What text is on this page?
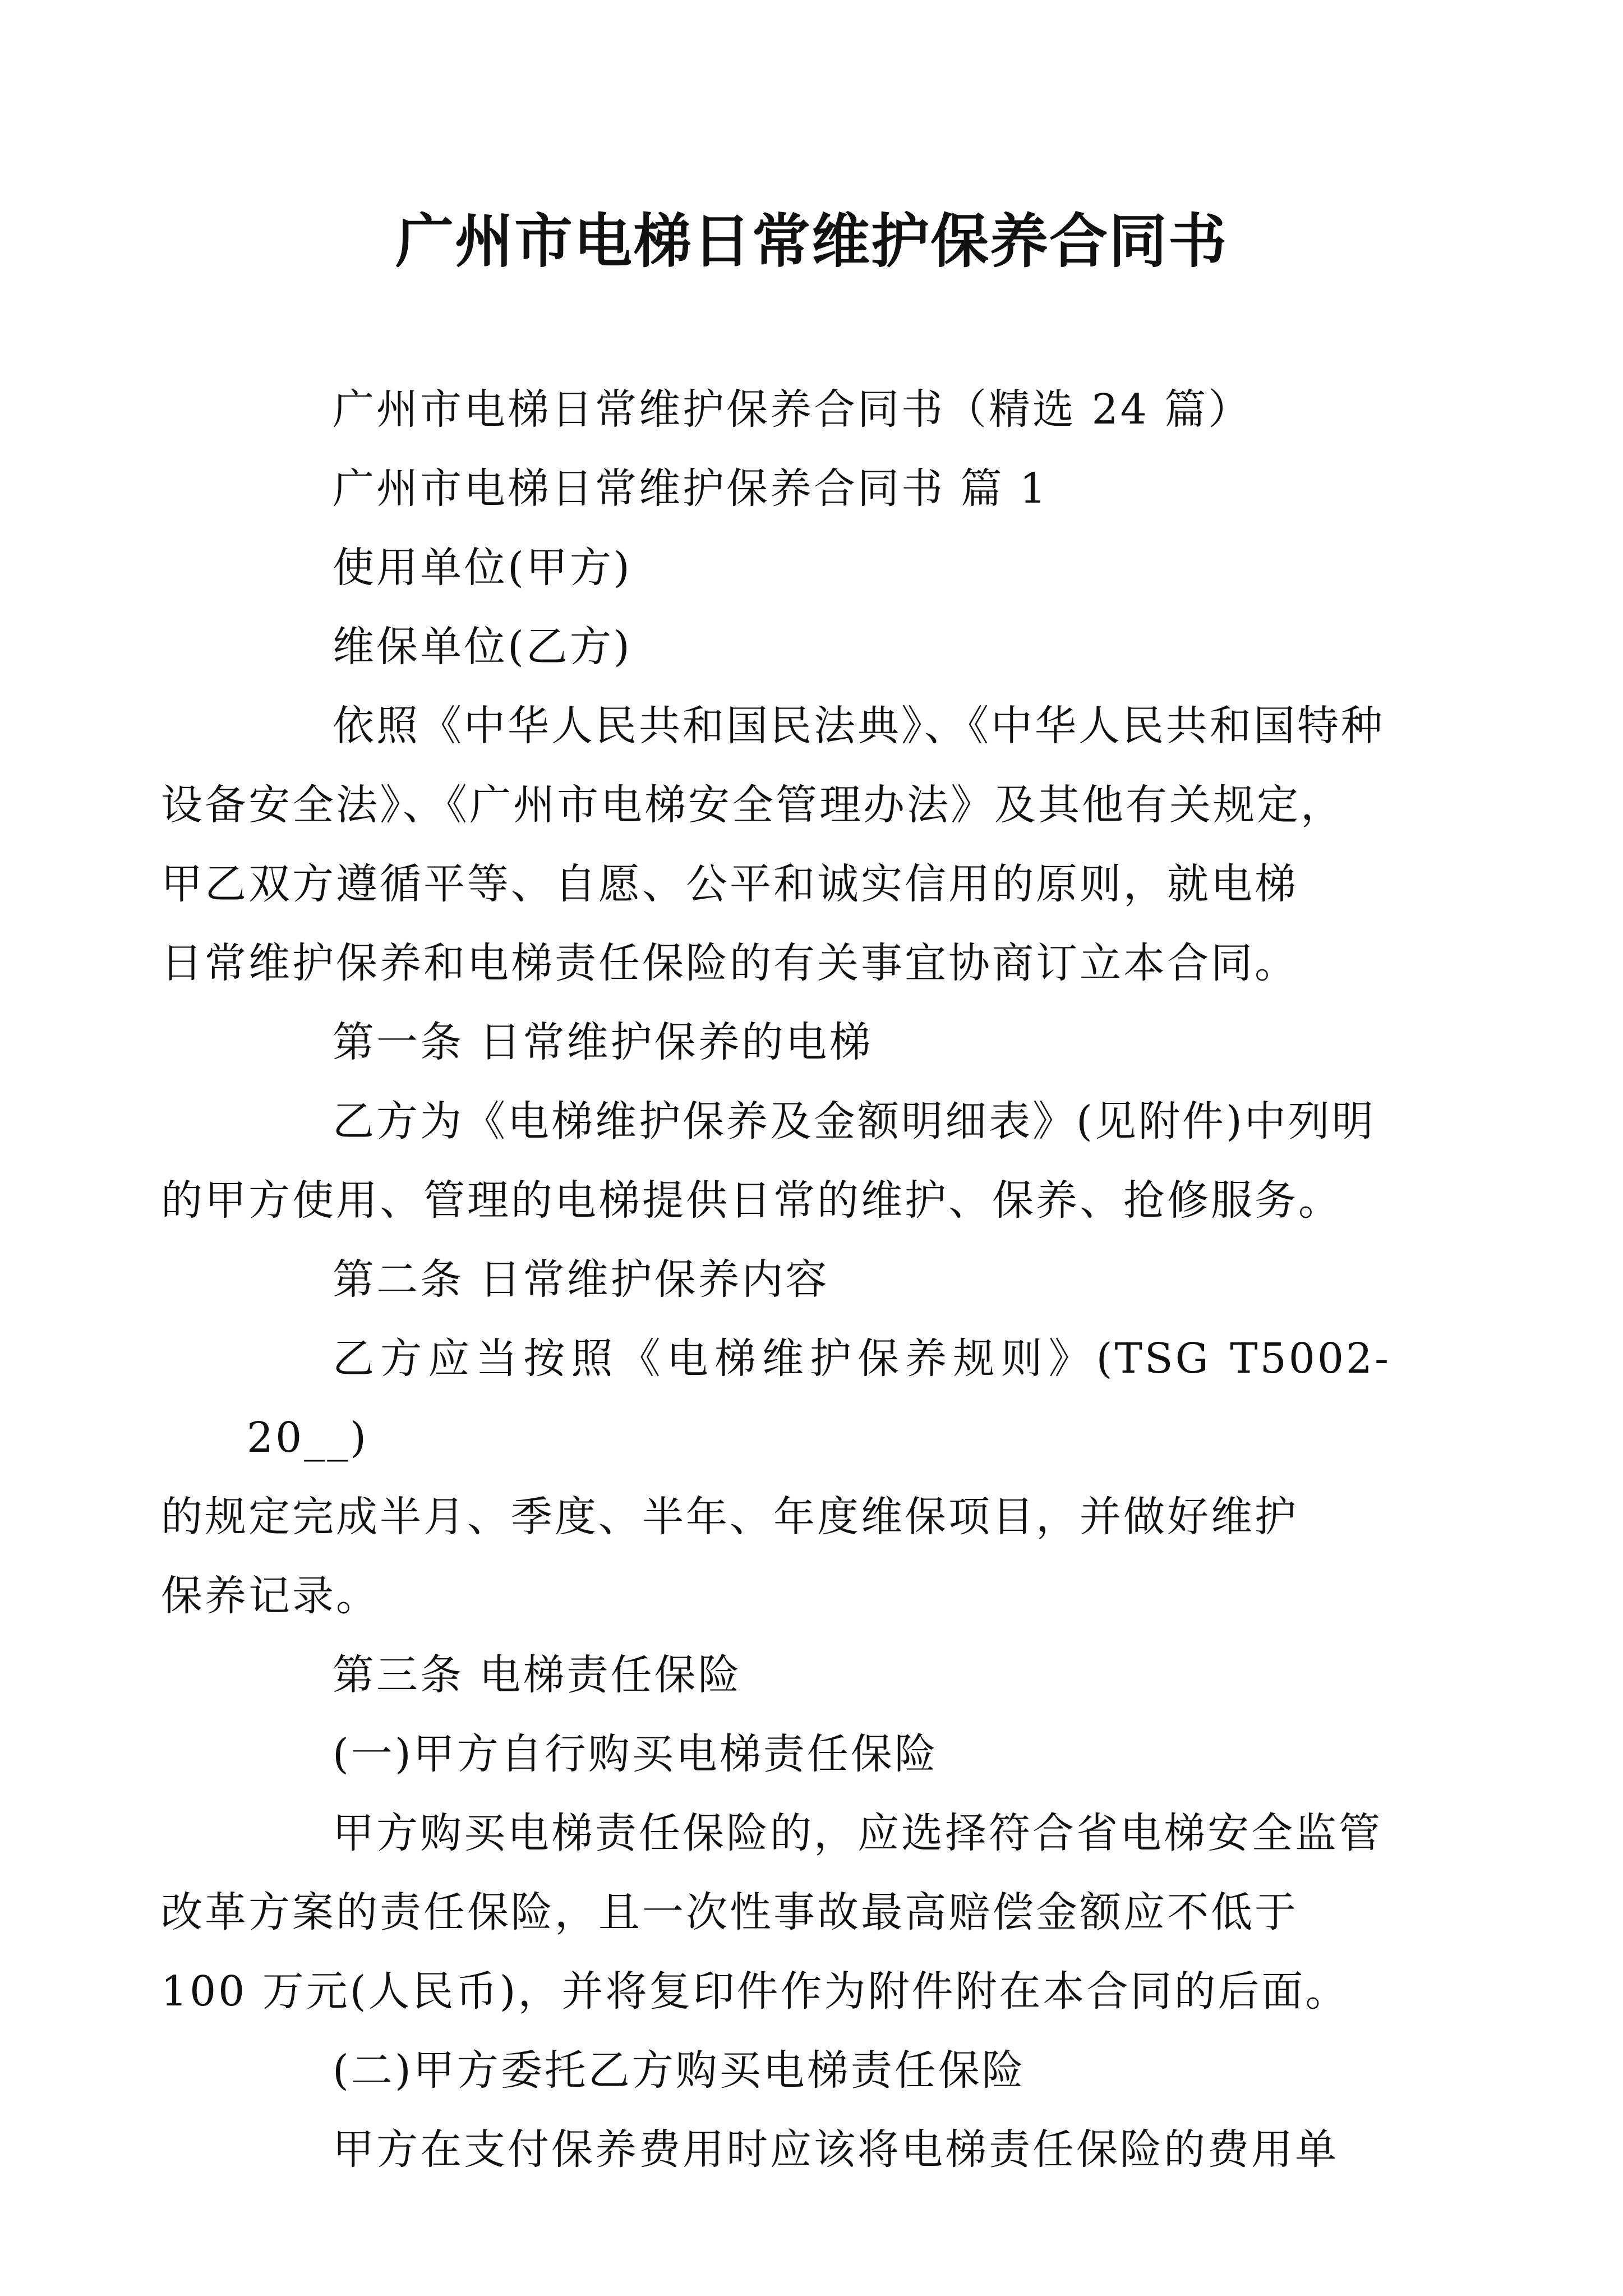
广州市电梯日常维护保养合同书

广州市电梯日常维护保养合同书（精选 24 篇）

广州市电梯日常维护保养合同书 篇 1

使用单位(甲方)

维保单位(乙方)

依照《中华人民共和国民法典》、《中华人民共和国特种
设备安全法》、《广州市电梯安全管理办法》及其他有关规定，
甲乙双方遵循平等、自愿、公平和诚实信用的原则，就电梯
日常维护保养和电梯责任保险的有关事宜协商订立本合同。

第一条 日常维护保养的电梯

乙方为《电梯维护保养及金额明细表》(见附件)中列明
的甲方使用、管理的电梯提供日常的维护、保养、抢修服务。

第二条 日常维护保养内容

乙方应当按照《电梯维护保养规则》(TSG T5002-20__)
的规定完成半月、季度、半年、年度维保项目，并做好维护
保养记录。

第三条 电梯责任保险

(一)甲方自行购买电梯责任保险

甲方购买电梯责任保险的，应选择符合省电梯安全监管
改革方案的责任保险，且一次性事故最高赔偿金额应不低于
100 万元(人民币)，并将复印件作为附件附在本合同的后面。

(二)甲方委托乙方购买电梯责任保险

甲方在支付保养费用时应该将电梯责任保险的费用单
